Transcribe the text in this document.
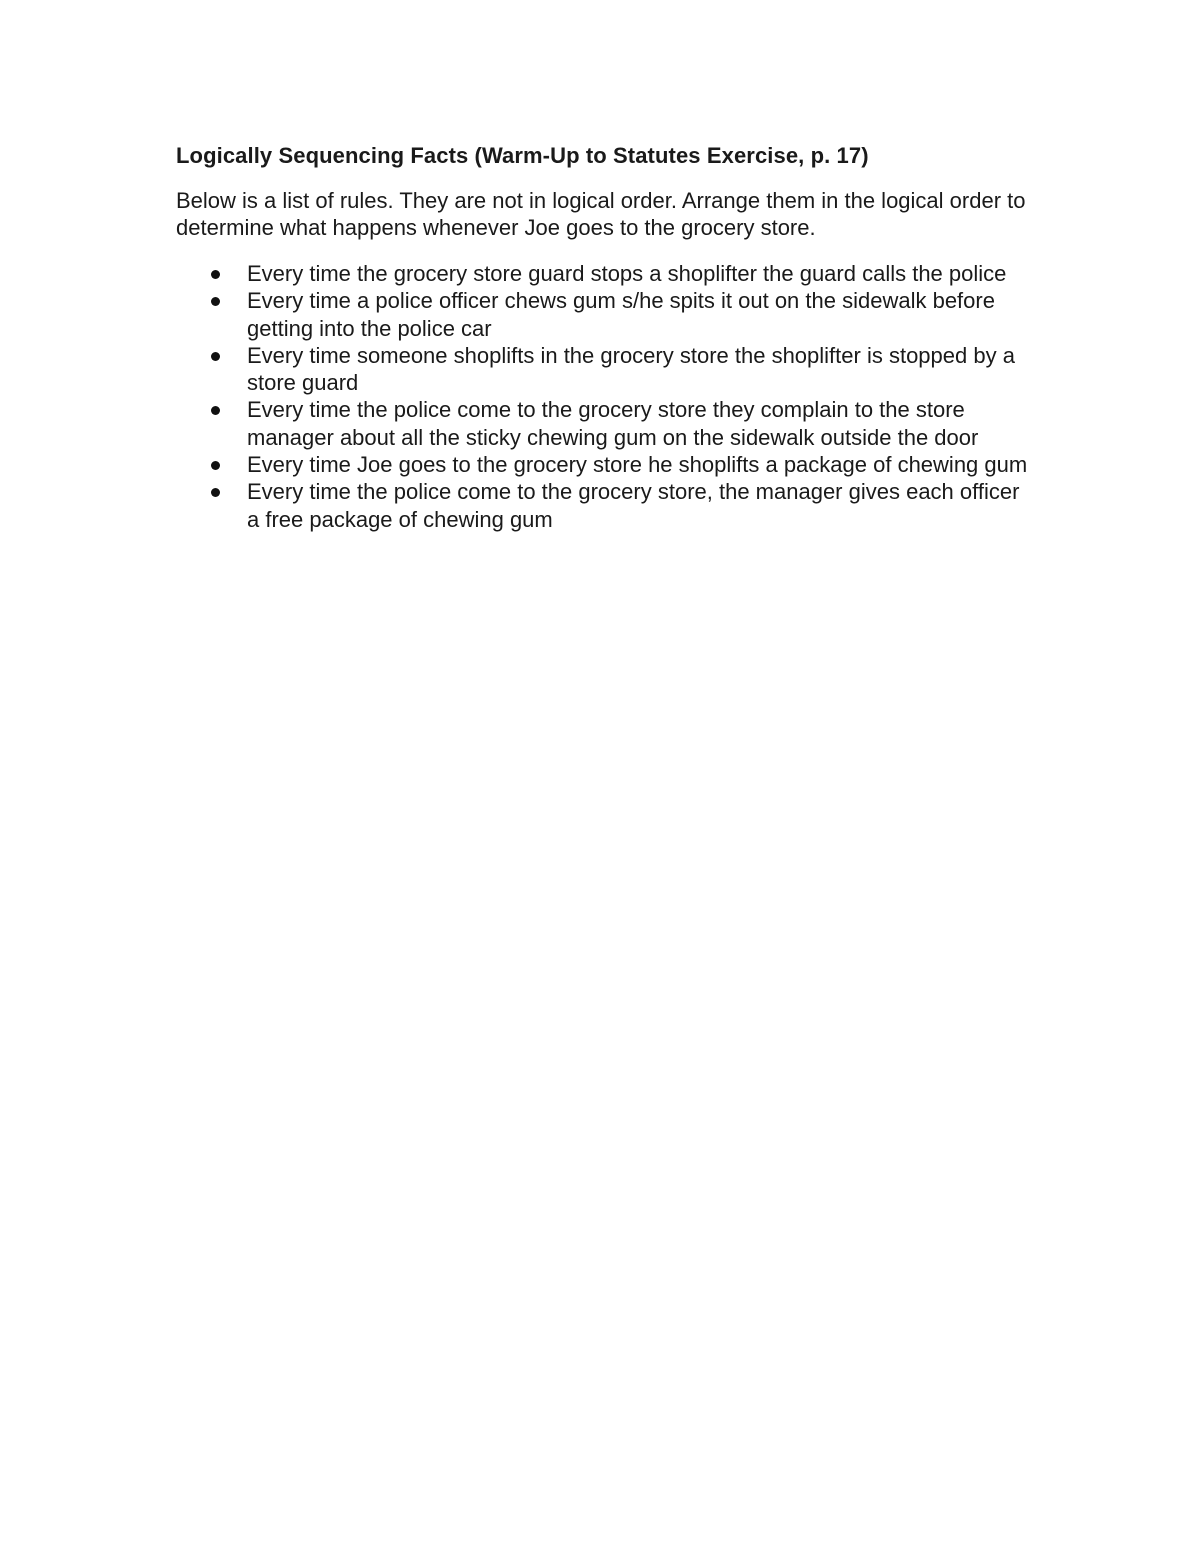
Logically Sequencing Facts (Warm-Up to Statutes Exercise, p. 17)
Below is a list of rules. They are not in logical order. Arrange them in the logical order to determine what happens whenever Joe goes to the grocery store.
Every time the grocery store guard stops a shoplifter the guard calls the police
Every time a police officer chews gum s/he spits it out on the sidewalk before getting into the police car
Every time someone shoplifts in the grocery store the shoplifter is stopped by a store guard
Every time the police come to the grocery store they complain to the store manager about all the sticky chewing gum on the sidewalk outside the door
Every time Joe goes to the grocery store he shoplifts a package of chewing gum
Every time the police come to the grocery store, the manager gives each officer a free package of chewing gum
